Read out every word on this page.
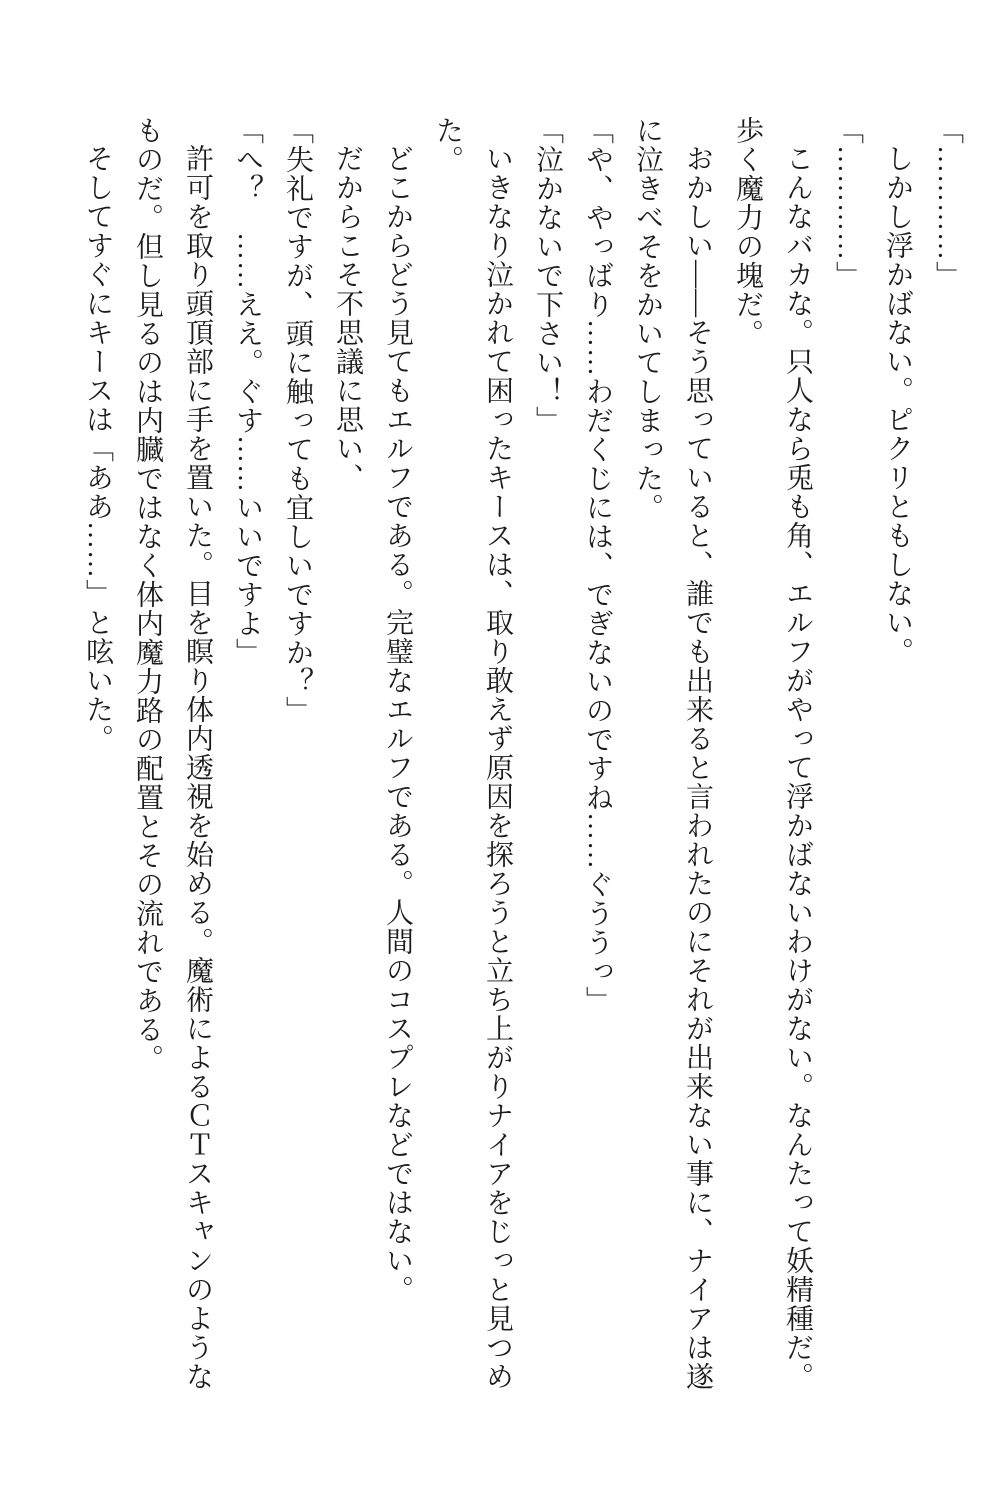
「…………」

しかし浮かばない。ピクリともしない。

「…………」

こんなバカな。只人なら兎も角、エルフがやって浮かばないわけがない。なんたって妖精種だ。歩く魔力の塊だ。

おかしい――そう思っていると、誰でも出来ると言われたのにそれが出来ない事に、ナイアは遂に泣きべそをかいてしまった。

「や、やっばり……わだくじには、でぎないのですね……ぐううっ」

「泣かないで下さい！」

いきなり泣かれて困ったキースは、取り敢えず原因を探ろうと立ち上がりナイアをじっと見つめた。

どこからどう見てもエルフである。完璧なエルフである。人間のコスプレなどではない。

だからこそ不思議に思い、

「失礼ですが、頭に触っても宜しいですか？」

「へ？　……ええ。ぐす……いいですよ」

許可を取り頭頂部に手を置いた。目を瞑り体内透視を始める。魔術によるＣＴスキャンのようなものだ。但し見るのは内臓ではなく体内魔力路の配置とその流れである。

そしてすぐにキースは「ああ……」と呟いた。
